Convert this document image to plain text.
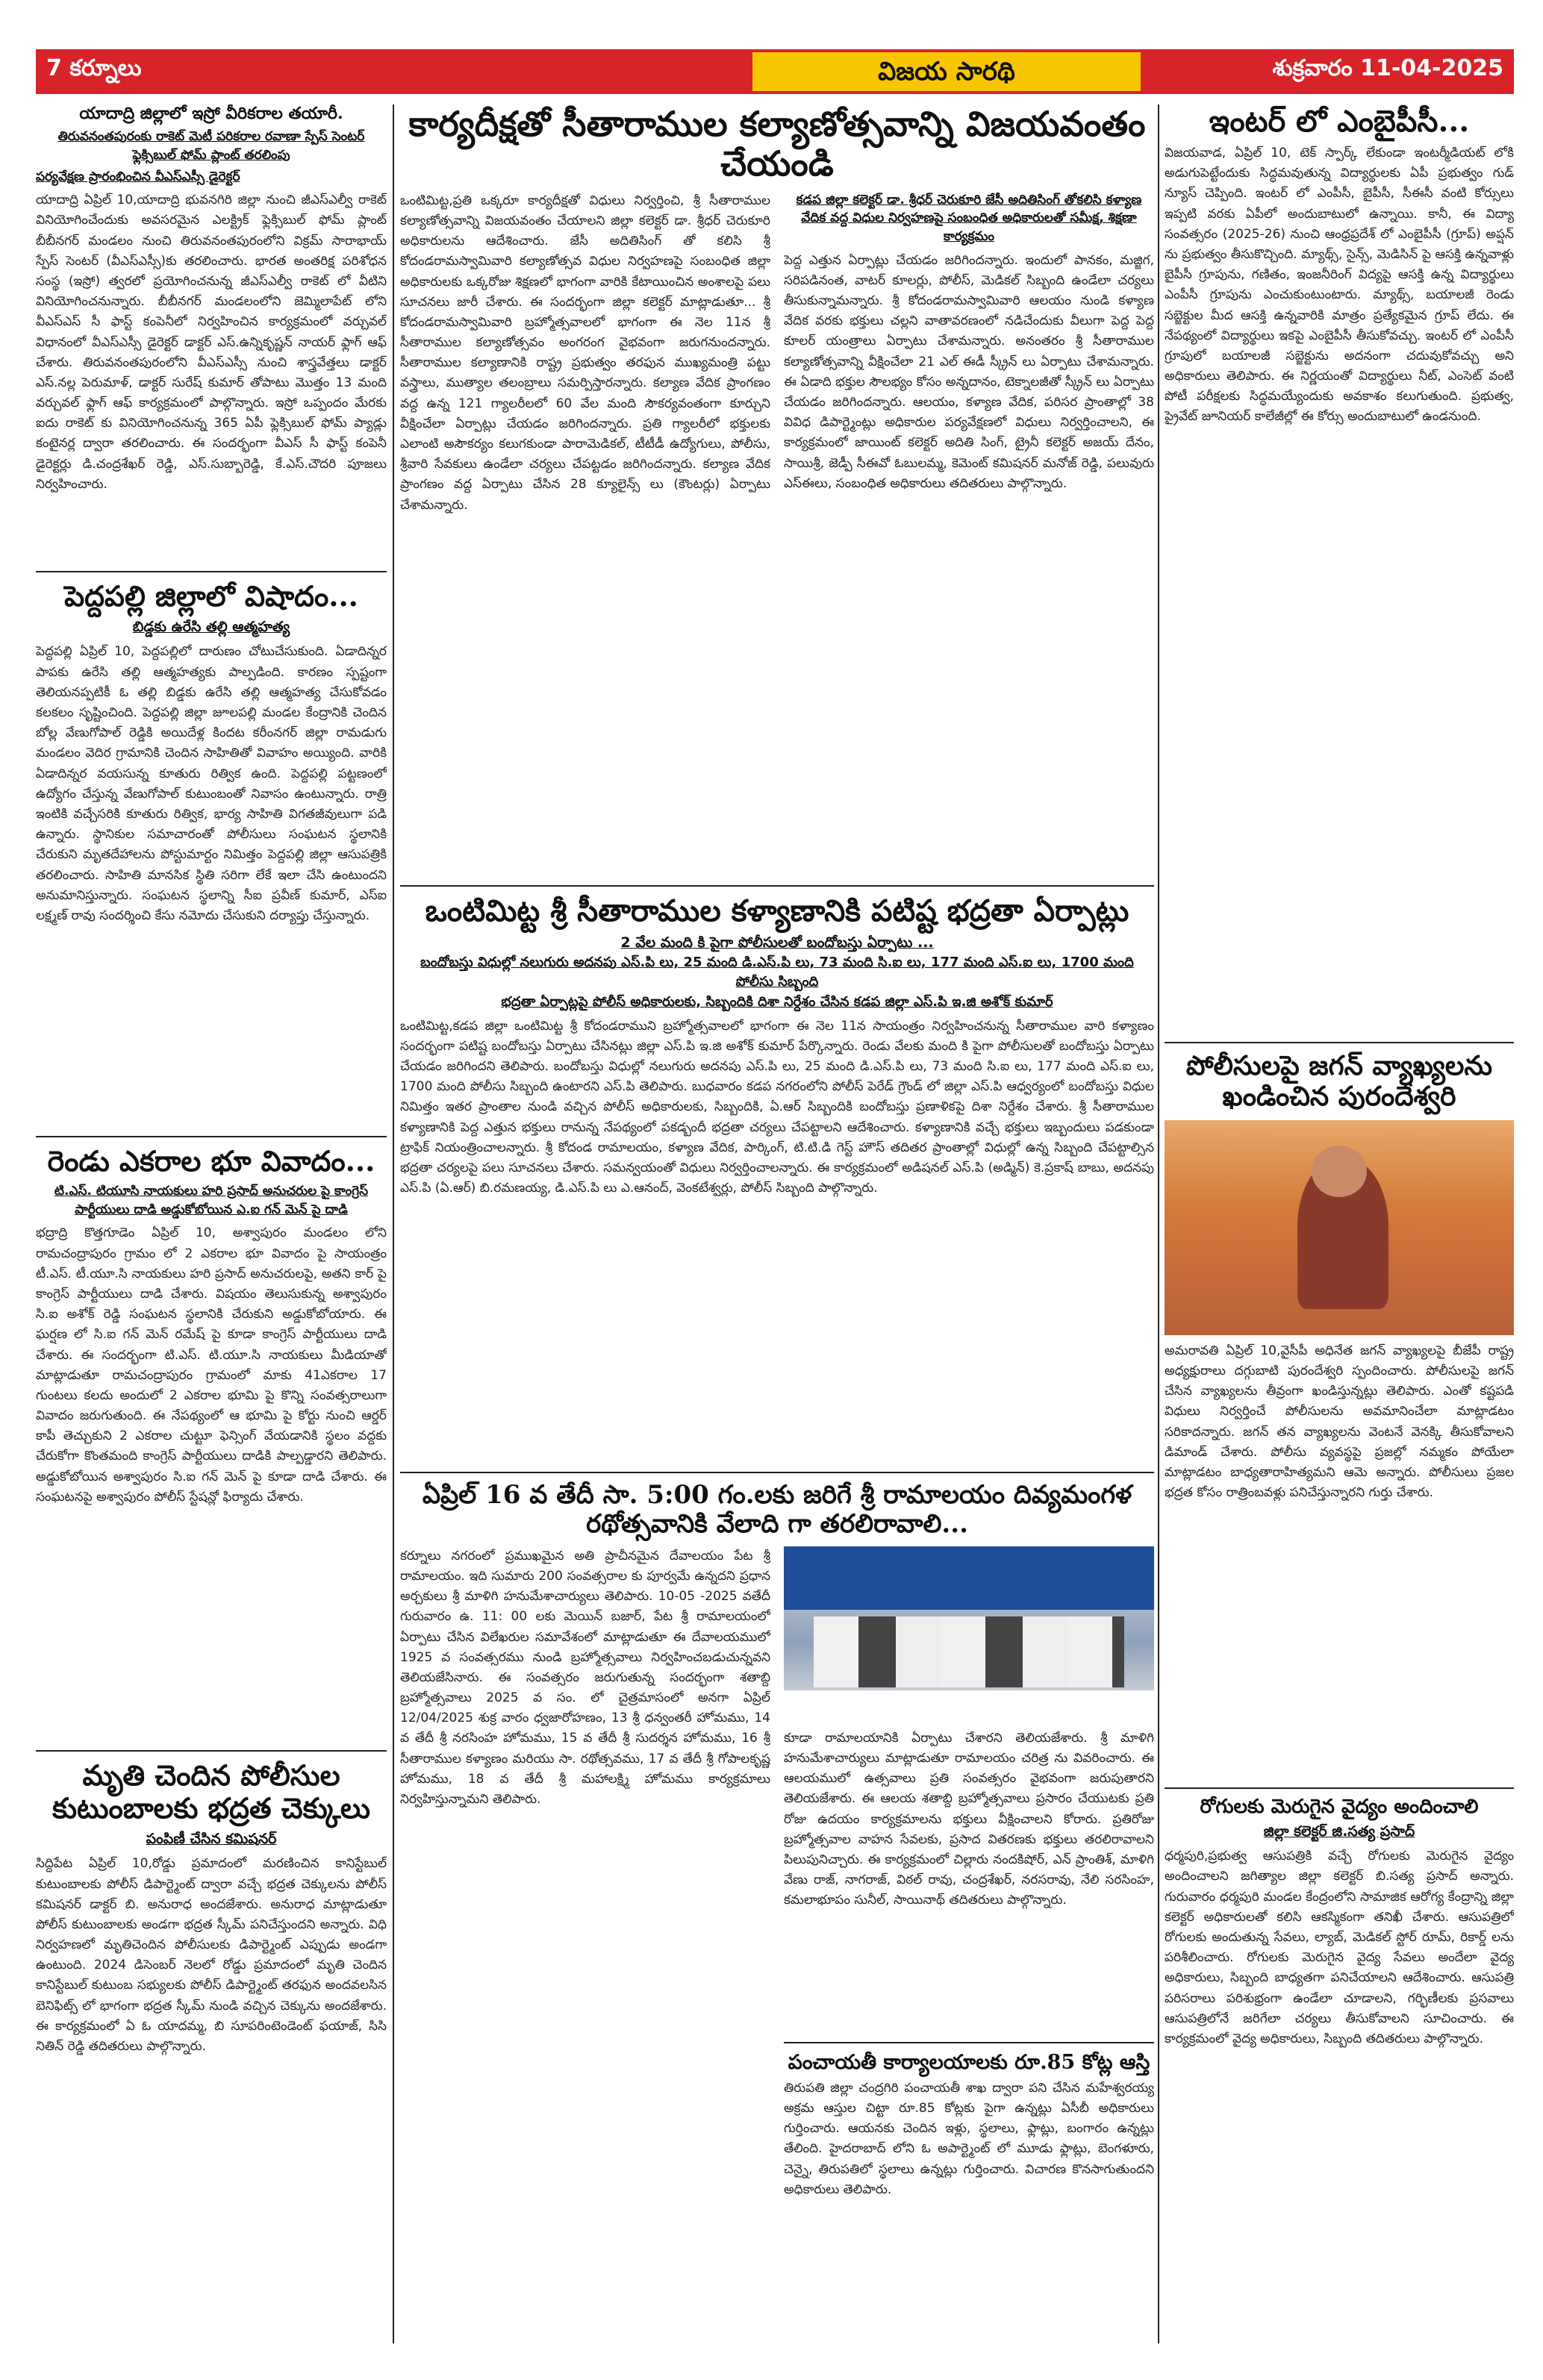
7 కర్నూలు	విజయ సారథి	శుక్రవారం 11-04-2025
యాదాద్రి జిల్లాలో ఇస్రో వీరికరాల తయారీ.
తిరువనంతపురంకు రాకెట్ మెటీ పరికరాల రవాణా స్పేస్ సెంటర్ ఫ్లెక్సిబుల్ ఫోమ్ ప్లాంట్ తరలింపు
పర్యవేక్షణ ప్రారంభించిన వీఎస్ఎస్సీ డైరెక్టర్

యాదాద్రి ఏప్రిల్ 10,యాదాద్రి భువనగిరి జిల్లా నుంచి జీఎస్ఎల్వీ రాకెట్ వినియోగించేందుకు అవసరమైన ఎలక్ట్రిక్ ఫ్లెక్సిబుల్ ఫోమ్ ప్లాంట్ బీబీనగర్ మండలం నుంచి తిరువనంతపురంలోని విక్రమ్ సారాభాయ్ స్పేస్ సెంటర్ (వీఎస్ఎస్సీ)కు తరలించారు. భారత అంతరిక్ష పరిశోధన సంస్థ (ఇస్రో) త్వరలో ప్రయోగించనున్న జీఎస్ఎల్వీ రాకెట్ లో వీటిని వినియోగించనున్నారు. బీబీనగర్ మండలంలోని జెమ్మిలాపేట్ లోని వీఎస్ఎస్ సీ ఫాస్ట్ కంపెనీలో నిర్వహించిన కార్యక్రమంలో వర్చువల్ విధానంలో వీఎస్ఎస్సీ డైరెక్టర్ డాక్టర్ ఎస్.ఉన్నికృష్ణన్ నాయర్ ఫ్లాగ్ ఆఫ్ చేశారు. తిరువనంతపురంలోని వీఎస్ఎస్సీ నుంచి శాస్త్రవేత్తలు డాక్టర్ ఎస్.నల్ల పెరుమాళ్, డాక్టర్ సురేష్ కుమార్ తోపాటు మొత్తం 13 మంది వర్చువల్ ఫ్లాగ్ ఆఫ్ కార్యక్రమంలో పాల్గొన్నారు. ఇస్రో ఒప్పందం మేరకు ఐదు రాకెట్ కు వినియోగించనున్న 365 ఏపీ ఫ్లెక్సిబుల్ ఫోమ్ ప్యాడ్లు కంటైనర్ల ద్వారా తరలించారు. ఈ సందర్భంగా వీఎస్ సీ ఫాస్ట్ కంపెనీ డైరెక్టర్లు డి.చంద్రశేఖర్ రెడ్డి, ఎస్.సుబ్బారెడ్డి, కే.ఎస్.చౌదరి పూజలు నిర్వహించారు.

పెద్దపల్లి జిల్లాలో విషాదం...
బిడ్డకు ఉరేసి తల్లి ఆత్మహత్య

పెద్దపల్లి ఏప్రిల్ 10, పెద్దపల్లిలో దారుణం చోటుచేసుకుంది. ఏడాదిన్నర పాపకు ఉరేసి తల్లి ఆత్మహత్యకు పాల్పడింది. కారణం స్పష్టంగా తెలియనప్పటికీ ఓ తల్లి బిడ్డకు ఉరేసి తల్లి ఆత్మహత్య చేసుకోవడం కలకలం సృష్టించింది. పెద్దపల్లి జిల్లా జూలపల్లి మండల కేంద్రానికి చెందిన బోల్ల వేణుగోపాల్ రెడ్డికి అయిదేళ్ల కిందట కరీంనగర్ జిల్లా రామడుగు మండలం వెదిర గ్రామానికి చెందిన సాహితితో వివాహం అయ్యింది. వారికి ఏడాదిన్నర వయసున్న కూతురు రిత్విక ఉంది. పెద్దపల్లి పట్టణంలో ఉద్యోగం చేస్తున్న వేణుగోపాల్ కుటుంబంతో నివాసం ఉంటున్నారు. రాత్రి ఇంటికి వచ్చేసరికి కూతురు రిత్విక, భార్య సాహితి విగతజీవులుగా పడి ఉన్నారు. స్థానికుల సమాచారంతో పోలీసులు సంఘటన స్థలానికి చేరుకుని మృతదేహాలను పోస్టుమార్టం నిమిత్తం పెద్దపల్లి జిల్లా ఆసుపత్రికి తరలించారు. సాహితి మానసిక స్థితి సరిగా లేకే ఇలా చేసి ఉంటుందని అనుమానిస్తున్నారు. సంఘటన స్థలాన్ని సీఐ ప్రవీణ్ కుమార్, ఎస్ఐ లక్ష్మణ్ రావు సందర్శించి కేసు నమోదు చేసుకుని దర్యాప్తు చేస్తున్నారు.

రెండు ఎకరాల భూ వివాదం...
టి.ఎస్. టియూసి నాయకులు హరి ప్రసాద్ అనుచరుల పై కాంగ్రెస్ పార్టీయులు దాడి అడ్డుకోబోయిన ఎ.ఐ గన్ మెన్ పై దాడి

భద్రాద్రి కొత్తగూడెం ఏప్రిల్ 10, అశ్వాపురం మండలం లోని రామచంద్రాపురం గ్రామం లో 2 ఎకరాల భూ వివాదం పై సాయంత్రం టీ.ఎస్. టీ.యూ.సి నాయకులు హరి ప్రసాద్ అనుచరులపై, అతని కార్ పై కాంగ్రెస్ పార్టీయులు దాడి చేశారు. విషయం తెలుసుకున్న అశ్వాపురం సి.ఐ అశోక్ రెడ్డి సంఘటన స్థలానికి చేరుకుని అడ్డుకోబోయారు. ఈ ఘర్షణ లో సి.ఐ గన్ మెన్ రమేష్ పై కూడా కాంగ్రెస్ పార్టీయులు దాడి చేశారు. ఈ సందర్భంగా టి.ఎస్. టి.యూ.సి నాయకులు మీడియాతో మాట్లాడుతూ రామచంద్రాపురం గ్రామంలో మాకు 41ఎకరాల 17 గుంటలు కలదు అందులో 2 ఎకరాల భూమి పై కొన్ని సంవత్సరాలుగా వివాదం జరుగుతుంది. ఈ నేపథ్యంలో ఆ భూమి పై కోర్టు నుంచి ఆర్డర్ కాపీ తెచ్చుకుని 2 ఎకరాల చుట్టూ ఫెన్సింగ్ వేయడానికి స్థలం వద్దకు చేరుకోగా కొంతమంది కాంగ్రెస్ పార్టీయులు దాడికి పాల్పడ్డారని తెలిపారు. అడ్డుకోబోయిన అశ్వాపురం సి.ఐ గన్ మెన్ పై కూడా దాడి చేశారు. ఈ సంఘటనపై అశ్వాపురం పోలీస్ స్టేషన్లో ఫిర్యాదు చేశారు.

మృతి చెందిన పోలీసుల కుటుంబాలకు భద్రత చెక్కులు
పంపిణీ చేసిన కమిషనర్

సిద్దిపేట ఏప్రిల్ 10,రోడ్డు ప్రమాదంలో మరణించిన కానిస్టేబుల్ కుటుంబాలకు పోలీస్ డిపార్ట్మెంట్ ద్వారా వచ్చే భద్రత చెక్కులను పోలీస్ కమిషనర్ డాక్టర్ బి. అనురాధ అందజేశారు. అనురాధ మాట్లాడుతూ పోలీస్ కుటుంబాలకు అండగా భద్రత స్కీమ్ పనిచేస్తుందని అన్నారు. విధి నిర్వహణలో మృతిచెందిన పోలీసులకు డిపార్ట్మెంట్ ఎప్పుడు అండగా ఉంటుంది. 2024 డిసెంబర్ నెలలో రోడ్డు ప్రమాదంలో మృతి చెందిన కానిస్టేబుల్ కుటుంబ సభ్యులకు పోలీస్ డిపార్ట్మెంట్ తరఫున అందవలసిన బెనిఫిట్స్ లో భాగంగా భద్రత స్కీమ్ నుండి వచ్చిన చెక్కును అందజేశారు. ఈ కార్యక్రమంలో ఏ ఓ యాదమ్మ, బి సూపరింటెండెంట్ ఫయాజ్, సిసి నితిన్ రెడ్డి తదితరులు పాల్గొన్నారు.

కార్యదీక్షతో సీతారాముల కల్యాణోత్సవాన్ని విజయవంతం చేయండి

ఒంటిమిట్ట,ప్రతి ఒక్కరూ కార్యదీక్షతో విధులు నిర్వర్తించి, శ్రీ సీతారాముల కల్యాణోత్సవాన్ని విజయవంతం చేయాలని జిల్లా కలెక్టర్ డా. శ్రీధర్ చెరుకూరి అధికారులను ఆదేశించారు. జేసీ అదితిసింగ్ తో కలిసి శ్రీ కోదండరామస్వామివారి కల్యాణోత్సవ విధుల నిర్వహణపై సంబంధిత జిల్లా అధికారులకు ఒక్కరోజు శిక్షణలో భాగంగా వారికి కేటాయించిన అంశాలపై పలు సూచనలు జారీ చేశారు. ఈ సందర్భంగా జిల్లా కలెక్టర్ మాట్లాడుతూ... శ్రీ కోదండరామస్వామివారి బ్రహ్మోత్సవాలలో భాగంగా ఈ నెల 11న శ్రీ సీతారాముల కల్యాణోత్సవం అంగరంగ వైభవంగా జరుగనుందన్నారు. సీతారాముల కల్యాణానికి రాష్ట్ర ప్రభుత్వం తరఫున ముఖ్యమంత్రి పట్టు వస్త్రాలు, ముత్యాల తలంబ్రాలు సమర్పిస్తారన్నారు. కల్యాణ వేదిక ప్రాంగణం వద్ద ఉన్న 121 గ్యాలరీలలో 60 వేల మంది సౌకర్యవంతంగా కూర్చుని వీక్షించేలా ఏర్పాట్లు చేయడం జరిగిందన్నారు. ప్రతి గ్యాలరీలో భక్తులకు ఎలాంటి అసౌకర్యం కలుగకుండా పారామెడికల్, టీటీడీ ఉద్యోగులు, పోలీసు, శ్రీవారి సేవకులు ఉండేలా చర్యలు చేపట్టడం జరిగిందన్నారు. కల్యాణ వేదిక ప్రాంగణం వద్ద ఏర్పాటు చేసిన 28 క్యూలైన్స్ లు (కౌంటర్లు) ఏర్పాటు చేశామన్నారు.

కడప జిల్లా కలెక్టర్ డా. శ్రీధర్ చెరుకూరి జేసీ అదితిసింగ్ తోకలిసి కళ్యాణ వేదిక వద్ద విధుల నిర్వహణపై సంబంధిత అధికారులతో సమీక్ష, శిక్షణా కార్యక్రమం

పెద్ద ఎత్తున ఏర్పాట్లు చేయడం జరిగిందన్నారు. ఇందులో పానకం, మజ్జిగ, సరిపడినంత, వాటర్ కూలర్లు, పోలీస్, మెడికల్ సిబ్బంది ఉండేలా చర్యలు తీసుకున్నామన్నారు. శ్రీ కోదండరామస్వామివారి ఆలయం నుండి కళ్యాణ వేదిక వరకు భక్తులు చల్లని వాతావరణంలో నడిచేందుకు వీలుగా పెద్ద పెద్ద కూలర్ యంత్రాలు ఏర్పాటు చేశామన్నారు. అనంతరం శ్రీ సీతారాముల కల్యాణోత్సవాన్ని వీక్షించేలా 21 ఎల్ ఈడీ స్క్రీన్ లు ఏర్పాటు చేశామన్నారు. ఈ ఏడాది భక్తుల సౌలభ్యం కోసం అన్నదానం, టెక్నాలజీతో స్క్రీన్ లు ఏర్పాటు చేయడం జరిగిందన్నారు. ఆలయం, కళ్యాణ వేదిక, పరిసర ప్రాంతాల్లో 38 వివిధ డిపార్ట్మెంట్లు అధికారుల పర్యవేక్షణలో విధులు నిర్వర్తించాలని, ఈ కార్యక్రమంలో జాయింట్ కలెక్టర్ అదితి సింగ్, ట్రైనీ కలెక్టర్ అజయ్ దేనం, సాయిశ్రీ, జెడ్పీ సీఈవో ఓబులమ్మ, కెమెంట్ కమిషనర్ మనోజ్ రెడ్డి, పలువురు ఎస్ఈలు, సంబంధిత అధికారులు తదితరులు పాల్గొన్నారు.

ఒంటిమిట్ట శ్రీ సీతారాముల కళ్యాణానికి పటిష్ట భద్రతా ఏర్పాట్లు
2 వేల మంది కి పైగా పోలీసులతో బందోబస్తు ఏర్పాటు ...
బందోబస్తు విధుల్లో నలుగురు అదనపు ఎస్.పి లు, 25 మంది డి.ఎస్.పి లు, 73 మంది సి.ఐ లు, 177 మంది ఎస్.ఐ లు, 1700 మంది పోలీసు సిబ్బంది
భద్రతా ఏర్పాట్లపై పోలీస్ అధికారులకు, సిబ్బందికి దిశా నిర్దేశం చేసిన కడప జిల్లా ఎస్.పి ఇ.జి అశోక్ కుమార్

ఒంటిమిట్ట,కడప జిల్లా ఒంటిమిట్ట శ్రీ కోదండరాముని బ్రహ్మోత్సవాలలో భాగంగా ఈ నెల 11న సాయంత్రం నిర్వహించనున్న సీతారాముల వారి కళ్యాణం సందర్భంగా పటిష్ట బందోబస్తు ఏర్పాటు చేసినట్లు జిల్లా ఎస్.పి ఇ.జి అశోక్ కుమార్ పేర్కొన్నారు. రెండు వేలకు మంది కి పైగా పోలీసులతో బందోబస్తు ఏర్పాటు చేయడం జరిగిందని తెలిపారు. బందోబస్తు విధుల్లో నలుగురు అదనపు ఎస్.పి లు, 25 మంది డి.ఎస్.పి లు, 73 మంది సి.ఐ లు, 177 మంది ఎస్.ఐ లు, 1700 మంది పోలీసు సిబ్బంది ఉంటారని ఎస్.పి తెలిపారు. బుధవారం కడప నగరంలోని పోలీస్ పెరేడ్ గ్రౌండ్ లో జిల్లా ఎస్.పి ఆధ్వర్యంలో బందోబస్తు విధుల నిమిత్తం ఇతర ప్రాంతాల నుండి వచ్చిన పోలీస్ అధికారులకు, సిబ్బందికి, ఏ.ఆర్ సిబ్బందికి బందోబస్తు ప్రణాళికపై దిశా నిర్దేశం చేశారు. శ్రీ సీతారాముల కళ్యాణానికి పెద్ద ఎత్తున భక్తులు రానున్న నేపథ్యంలో పకడ్బందీ భద్రతా చర్యలు చేపట్టాలని ఆదేశించారు. కళ్యాణానికి వచ్చే భక్తులు ఇబ్బందులు పడకుండా ట్రాఫిక్ నియంత్రించాలన్నారు. శ్రీ కోదండ రామాలయం, కళ్యాణ వేదిక, పార్కింగ్, టి.టి.డి గెస్ట్ హౌస్ తదితర ప్రాంతాల్లో విధుల్లో ఉన్న సిబ్బంది చేపట్టాల్సిన భద్రతా చర్యలపై పలు సూచనలు చేశారు. సమన్వయంతో విధులు నిర్వర్తించాలన్నారు. ఈ కార్యక్రమంలో అడిషనల్ ఎస్.పి (అడ్మిన్) కె.ప్రకాష్ బాబు, అదనపు ఎస్.పి (ఏ.ఆర్) బి.రమణయ్య, డి.ఎస్.పి లు ఎ.ఆనంద్, వెంకటేశ్వర్లు, పోలీస్ సిబ్బంది పాల్గొన్నారు.

ఏప్రిల్ 16 వ తేదీ సా. 5:00 గం.లకు జరిగే శ్రీ రామాలయం దివ్యమంగళ రథోత్సవానికి వేలాది గా తరలిరావాలి...

కర్నూలు నగరంలో ప్రముఖమైన అతి ప్రాచీనమైన దేవాలయం పేట శ్రీ రామాలయం. ఇది సుమారు 200 సంవత్సరాల కు పూర్వమే ఉన్నదని ప్రధాన అర్చకులు శ్రీ మాళిగి హనుమేశాచార్యులు తెలిపారు. 10-05 -2025 వతేదీ గురువారం ఉ. 11: 00 లకు మెయిన్ బజార్, పేట శ్రీ రామాలయంలో ఏర్పాటు చేసిన విలేఖరుల సమావేశంలో మాట్లాడుతూ ఈ దేవాలయములో 1925 వ సంవత్సరము నుండి బ్రహ్మోత్సవాలు నిర్వహించబడుచున్నవని తెలియజేసినారు. ఈ సంవత్సరం జరుగుతున్న సందర్భంగా శతాబ్ది బ్రహ్మోత్సవాలు 2025 వ సం. లో చైత్రమాసంలో అనగా ఏప్రిల్ 12/04/2025 శుక్ర వారం ధ్వజారోహణం, 13 శ్రీ ధన్వంతరీ హోమము, 14 వ తేదీ శ్రీ నరసింహ హోమము, 15 వ తేదీ శ్రీ సుదర్శన హోమము, 16 శ్రీ సీతారాముల కళ్యాణం మరియు సా. రథోత్సవము, 17 వ తేదీ శ్రీ గోపాలకృష్ణ హోమము, 18 వ తేదీ శ్రీ మహాలక్ష్మి హోమము కార్యక్రమాలు నిర్వహిస్తున్నామని తెలిపారు.

కూడా రామాలయానికి ఏర్పాటు చేశారని తెలియజేశారు. శ్రీ మాళిగి హనుమేశాచార్యులు మాట్లాడుతూ రామాలయం చరిత్ర ను వివరించారు. ఈ ఆలయములో ఉత్సవాలు ప్రతి సంవత్సరం వైభవంగా జరుపుతారని తెలియజేశారు. ఈ ఆలయ శతాబ్ది బ్రహ్మోత్సవాలు ప్రసారం చేయుటకు ప్రతి రోజు ఉదయం కార్యక్రమాలను భక్తులు వీక్షించాలని కోరారు. ప్రతిరోజు బ్రహ్మోత్సవాల వాహన సేవలకు, ప్రసాద వితరణకు భక్తులు తరలిరావాలని పిలుపునిచ్చారు. ఈ కార్యక్రమంలో చిల్లారు నందకిషోర్, ఎన్ ప్రాంతిశ్, మాళిగి వేణు రాజ్, నాగరాజ్, విఠల్ రావు, చంద్రశేఖర్, నరసరావు, నేలి సరసింహ, కమలాభూపం సునీల్, సాయినాథ్ తదితరులు పాల్గొన్నారు.

పంచాయతీ కార్యాలయాలకు రూ.85 కోట్ల ఆస్తి

తిరుపతి జిల్లా చంద్రగిరి పంచాయతీ శాఖ ద్వారా పని చేసిన మహేశ్వరయ్య అక్రమ ఆస్తుల చిట్టా రూ.85 కోట్లకు పైగా ఉన్నట్లు ఏసీబీ అధికారులు గుర్తించారు. ఆయనకు చెందిన ఇళ్లు, స్థలాలు, ఫ్లాట్లు, బంగారం ఉన్నట్లు తేలింది. హైదరాబాద్ లోని ఓ అపార్ట్మెంట్ లో మూడు ఫ్లాట్లు, బెంగళూరు, చెన్నై, తిరుపతిలో స్థలాలు ఉన్నట్లు గుర్తించారు. విచారణ కొనసాగుతుందని అధికారులు తెలిపారు.

ఇంటర్ లో ఎంబైపీసీ...

విజయవాడ, ఏప్రిల్ 10, టెక్ స్పార్క్ లేకుండా ఇంటర్మీడియట్ లోకి అడుగుపెట్టేందుకు సిద్ధమవుతున్న విద్యార్థులకు ఏపీ ప్రభుత్వం గుడ్ న్యూస్ చెప్పింది. ఇంటర్ లో ఎంపీసీ, బైపీసీ, సీఈసీ వంటి కోర్సులు ఇప్పటి వరకు ఏపీలో అందుబాటులో ఉన్నాయి. కానీ, ఈ విద్యా సంవత్సరం (2025-26) నుంచి ఆంధ్రప్రదేశ్ లో ఎంబైపీసీ (గ్రూప్) అప్షన్ ను ప్రభుత్వం తీసుకొచ్చింది. మ్యాథ్స్, సైన్స్, మెడిసిన్ పై ఆసక్తి ఉన్నవాళ్లు బైపీసీ గ్రూపును, గణితం, ఇంజనీరింగ్ విద్యపై ఆసక్తి ఉన్న విద్యార్థులు ఎంపీసీ గ్రూపును ఎంచుకుంటుంటారు. మ్యాథ్స్, బయాలజీ రెండు సబ్జెక్టుల మీద ఆసక్తి ఉన్నవారికి మాత్రం ప్రత్యేకమైన గ్రూప్ లేదు. ఈ నేపథ్యంలో విద్యార్థులు ఇకపై ఎంబైపీసీ తీసుకోవచ్చు. ఇంటర్ లో ఎంపీసీ గ్రూపులో బయాలజీ సబ్జెక్టును అదనంగా చదువుకోవచ్చు అని అధికారులు తెలిపారు. ఈ నిర్ణయంతో విద్యార్థులు నీట్, ఎంసెట్ వంటి పోటీ పరీక్షలకు సిద్ధమయ్యేందుకు అవకాశం కలుగుతుంది. ప్రభుత్వ, ప్రైవేట్ జూనియర్ కాలేజీల్లో ఈ కోర్సు అందుబాటులో ఉండనుంది.

పోలీసులపై జగన్ వ్యాఖ్యలను ఖండించిన పురందేశ్వరి

అమరావతి ఏప్రిల్ 10,వైసీపీ అధినేత జగన్ వ్యాఖ్యలపై బీజేపీ రాష్ట్ర అధ్యక్షురాలు దగ్గుబాటి పురందేశ్వరి స్పందించారు. పోలీసులపై జగన్ చేసిన వ్యాఖ్యలను తీవ్రంగా ఖండిస్తున్నట్లు తెలిపారు. ఎంతో కష్టపడి విధులు నిర్వర్తించే పోలీసులను అవమానించేలా మాట్లాడటం సరికాదన్నారు. జగన్ తన వ్యాఖ్యలను వెంటనే వెనక్కి తీసుకోవాలని డిమాండ్ చేశారు. పోలీసు వ్యవస్థపై ప్రజల్లో నమ్మకం పోయేలా మాట్లాడటం బాధ్యతారాహిత్యమని ఆమె అన్నారు. పోలీసులు ప్రజల భద్రత కోసం రాత్రింబవళ్లు పనిచేస్తున్నారని గుర్తు చేశారు.

రోగులకు మెరుగైన వైద్యం అందించాలి
జిల్లా కలెక్టర్ జి.సత్య ప్రసాద్

ధర్మపురి,ప్రభుత్వ ఆసుపత్రికి వచ్చే రోగులకు మెరుగైన వైద్యం అందించాలని జగిత్యాల జిల్లా కలెక్టర్ బి.సత్య ప్రసాద్ అన్నారు. గురువారం ధర్మపురి మండల కేంద్రంలోని సామాజిక ఆరోగ్య కేంద్రాన్ని జిల్లా కలెక్టర్ అధికారులతో కలిసి ఆకస్మికంగా తనిఖీ చేశారు. ఆసుపత్రిలో రోగులకు అందుతున్న సేవలు, ల్యాబ్, మెడికల్ స్టోర్ రూమ్, రికార్డ్ లను పరిశీలించారు. రోగులకు మెరుగైన వైద్య సేవలు అందేలా వైద్య అధికారులు, సిబ్బంది బాధ్యతగా పనిచేయాలని ఆదేశించారు. ఆసుపత్రి పరిసరాలు పరిశుభ్రంగా ఉండేలా చూడాలని, గర్భిణీలకు ప్రసవాలు ఆసుపత్రిలోనే జరిగేలా చర్యలు తీసుకోవాలని సూచించారు. ఈ కార్యక్రమంలో వైద్య అధికారులు, సిబ్బంది తదితరులు పాల్గొన్నారు.
